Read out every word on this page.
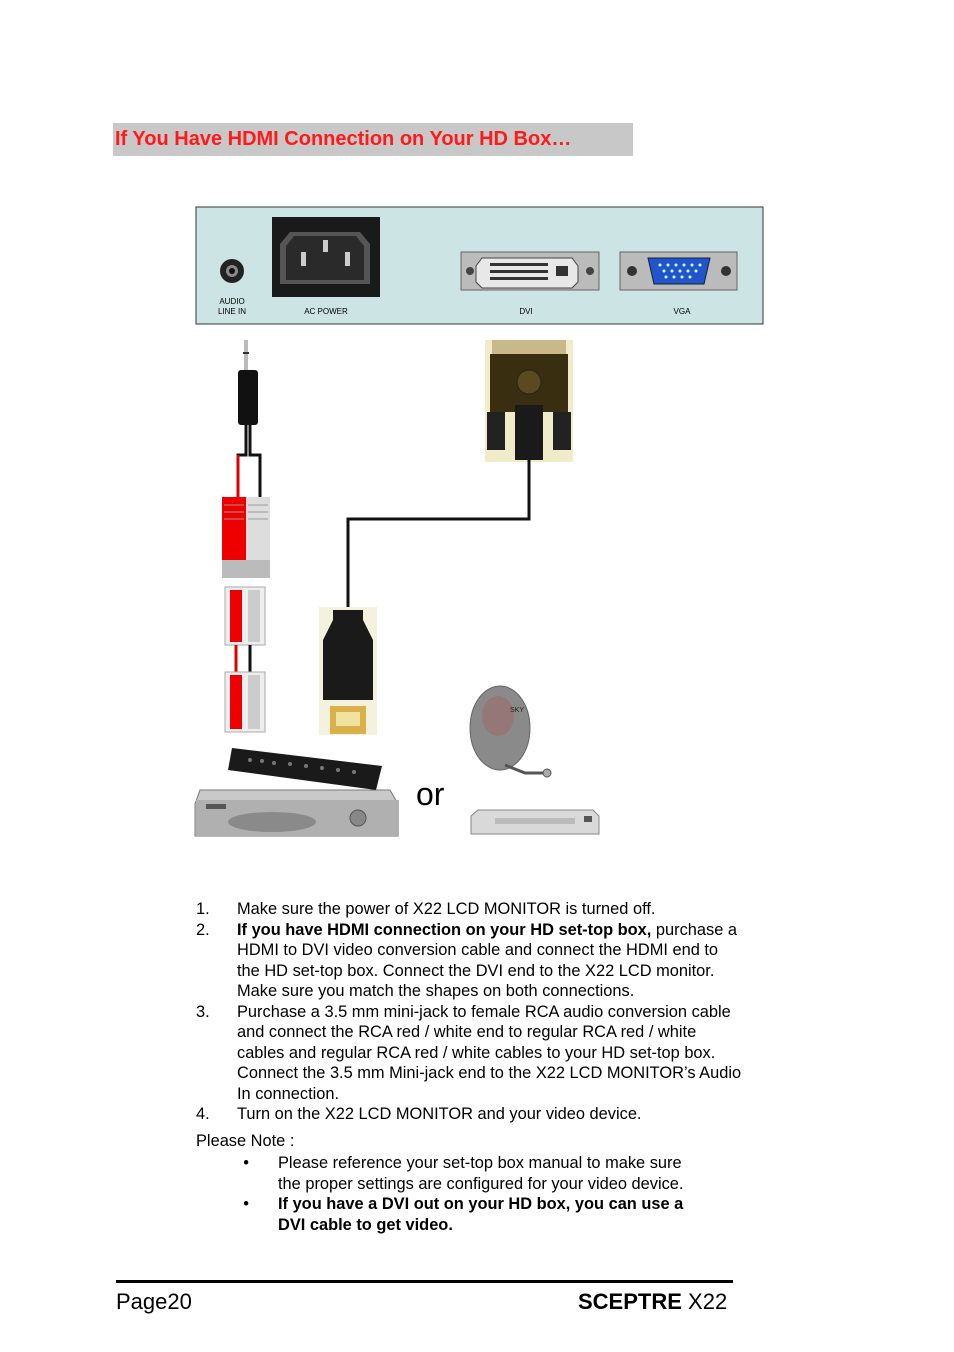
If You Have HDMI Connection on Your HD Box…
AUDIO
LINE IN	AC POWER	DVI	VGA
or
SKY
1.	Make sure the power of X22 LCD MONITOR is turned off.
2.	If you have HDMI connection on your HD set-top box, purchase a HDMI to DVI video conversion cable and connect the HDMI end to the HD set-top box. Connect the DVI end to the X22 LCD monitor. Make sure you match the shapes on both connections.
3.	Purchase a 3.5 mm mini-jack to female RCA audio conversion cable and connect the RCA red / white end to regular RCA red / white cables and regular RCA red / white cables to your HD set-top box. Connect the 3.5 mm Mini-jack end to the X22 LCD MONITOR’s Audio In connection.
4.	Turn on the X22 LCD MONITOR and your video device.
Please Note :
•	Please reference your set-top box manual to make sure the proper settings are configured for your video device.
•	If you have a DVI out on your HD box, you can use a DVI cable to get video.
Page20	SCEPTRE X22
